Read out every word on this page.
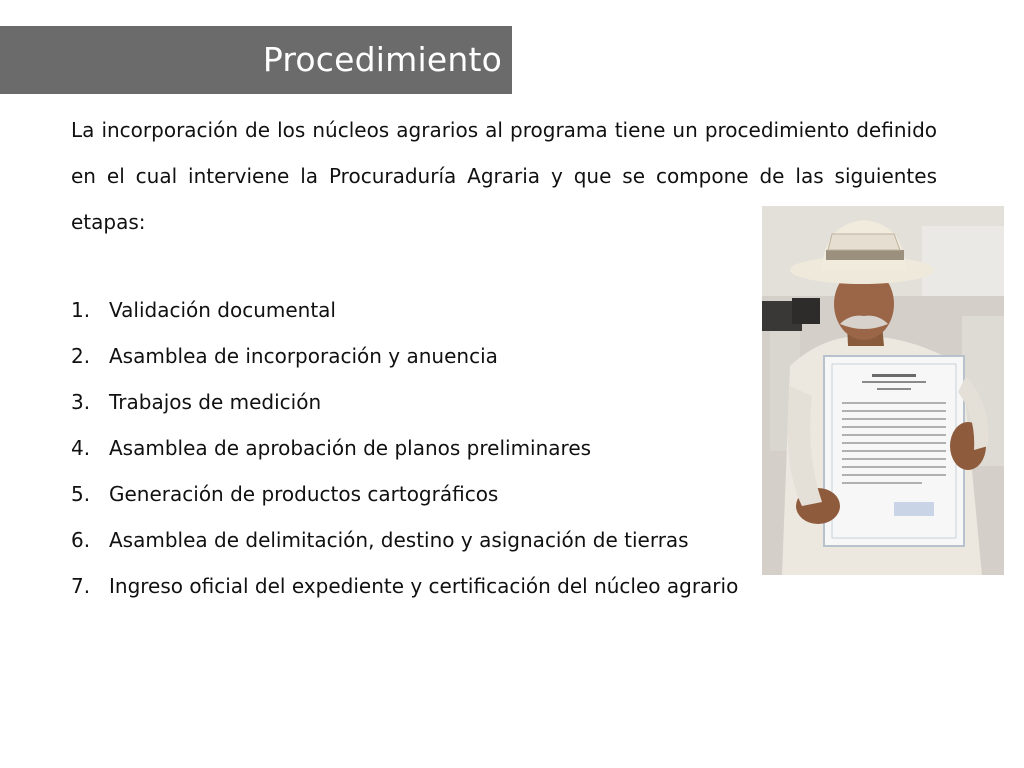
Procedimiento

La incorporación de los núcleos agrarios al programa tiene un procedimiento definido en el cual interviene la Procuraduría Agraria y que se compone de las siguientes etapas:

1. Validación documental
2. Asamblea de incorporación y anuencia
3. Trabajos de medición
4. Asamblea de aprobación de planos preliminares
5. Generación de productos cartográficos
6. Asamblea de delimitación, destino y asignación de tierras
7. Ingreso oficial del expediente y certificación del núcleo agrario
